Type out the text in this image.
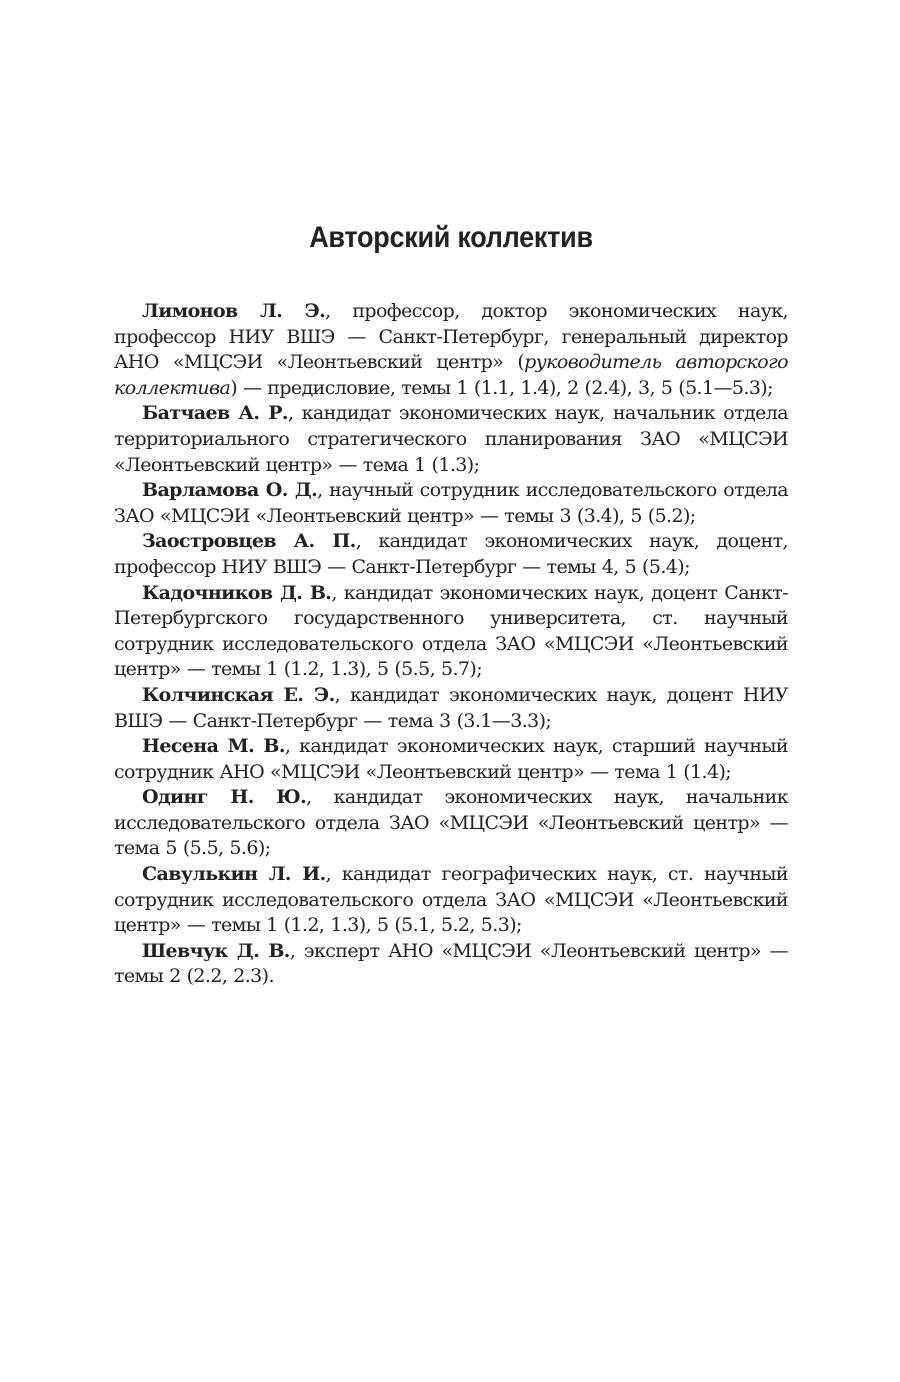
Авторский коллектив

Лимонов Л. Э., профессор, доктор экономических наук, профессор НИУ ВШЭ — Санкт-Петербург, генеральный директор АНО «МЦСЭИ «Леонтьевский центр» (руководитель авторского коллектива) — предисловие, темы 1 (1.1, 1.4), 2 (2.4), 3, 5 (5.1—5.3);

Батчаев А. Р., кандидат экономических наук, начальник отдела территориального стратегического планирования ЗАО «МЦСЭИ «Леонтьевский центр» — тема 1 (1.3);

Варламова О. Д., научный сотрудник исследовательского отдела ЗАО «МЦСЭИ «Леонтьевский центр» — темы 3 (3.4), 5 (5.2);

Заостровцев А. П., кандидат экономических наук, доцент, профессор НИУ ВШЭ — Санкт-Петербург — темы 4, 5 (5.4);

Кадочников Д. В., кандидат экономических наук, доцент Санкт-Петербургского государственного университета, ст. научный сотрудник исследовательского отдела ЗАО «МЦСЭИ «Леонтьевский центр» — темы 1 (1.2, 1.3), 5 (5.5, 5.7);

Колчинская Е. Э., кандидат экономических наук, доцент НИУ ВШЭ — Санкт-Петербург — тема 3 (3.1—3.3);

Несена М. В., кандидат экономических наук, старший научный сотрудник АНО «МЦСЭИ «Леонтьевский центр» — тема 1 (1.4);

Одинг Н. Ю., кандидат экономических наук, начальник исследовательского отдела ЗАО «МЦСЭИ «Леонтьевский центр» — тема 5 (5.5, 5.6);

Савулькин Л. И., кандидат географических наук, ст. научный сотрудник исследовательского отдела ЗАО «МЦСЭИ «Леонтьевский центр» — темы 1 (1.2, 1.3), 5 (5.1, 5.2, 5.3);

Шевчук Д. В., эксперт АНО «МЦСЭИ «Леонтьевский центр» — темы 2 (2.2, 2.3).
